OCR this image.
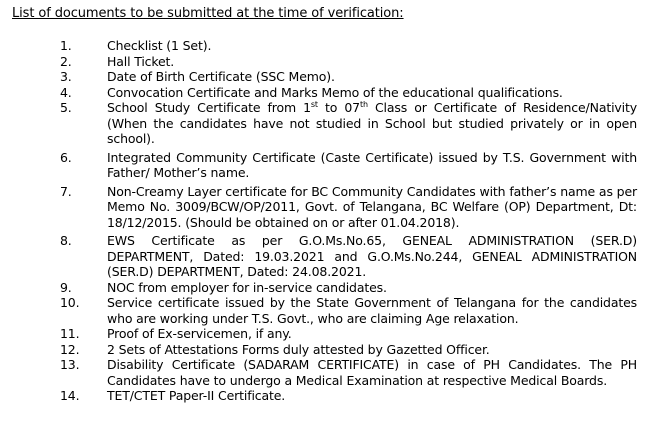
List of documents to be submitted at the time of verification:
1.	Checklist (1 Set).
2.	Hall Ticket.
3.	Date of Birth Certificate (SSC Memo).
4.	Convocation Certificate and Marks Memo of the educational qualifications.
5.	School Study Certificate from 1st to 07th Class or Certificate of Residence/Nativity (When the candidates have not studied in School but studied privately or in open school).
6.	Integrated Community Certificate (Caste Certificate) issued by T.S. Government with Father/ Mother’s name.
7.	Non-Creamy Layer certificate for BC Community Candidates with father’s name as per Memo No. 3009/BCW/OP/2011, Govt. of Telangana, BC Welfare (OP) Department, Dt: 18/12/2015. (Should be obtained on or after 01.04.2018).
8.	EWS Certificate as per G.O.Ms.No.65, GENEAL ADMINISTRATION (SER.D) DEPARTMENT, Dated: 19.03.2021 and G.O.Ms.No.244, GENEAL ADMINISTRATION (SER.D) DEPARTMENT, Dated: 24.08.2021.
9.	NOC from employer for in-service candidates.
10.	Service certificate issued by the State Government of Telangana for the candidates who are working under T.S. Govt., who are claiming Age relaxation.
11.	Proof of Ex-servicemen, if any.
12.	2 Sets of Attestations Forms duly attested by Gazetted Officer.
13.	Disability Certificate (SADARAM CERTIFICATE) in case of PH Candidates. The PH Candidates have to undergo a Medical Examination at respective Medical Boards.
14.	TET/CTET Paper-II Certificate.
